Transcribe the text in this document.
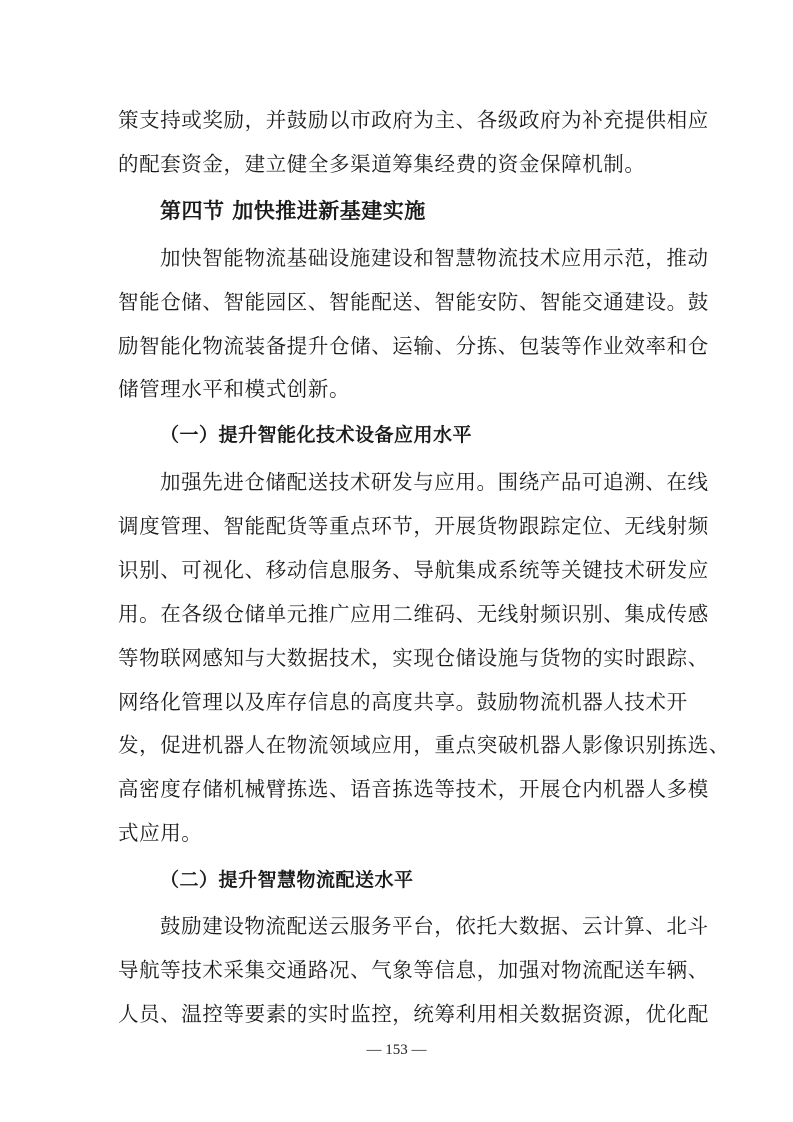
策支持或奖励，并鼓励以市政府为主、各级政府为补充提供相应
的配套资金，建立健全多渠道筹集经费的资金保障机制。
第四节 加快推进新基建实施
加快智能物流基础设施建设和智慧物流技术应用示范，推动
智能仓储、智能园区、智能配送、智能安防、智能交通建设。鼓
励智能化物流装备提升仓储、运输、分拣、包装等作业效率和仓
储管理水平和模式创新。
（一）提升智能化技术设备应用水平
加强先进仓储配送技术研发与应用。围绕产品可追溯、在线
调度管理、智能配货等重点环节，开展货物跟踪定位、无线射频
识别、可视化、移动信息服务、导航集成系统等关键技术研发应
用。在各级仓储单元推广应用二维码、无线射频识别、集成传感
等物联网感知与大数据技术，实现仓储设施与货物的实时跟踪、
网络化管理以及库存信息的高度共享。鼓励物流机器人技术开
发，促进机器人在物流领域应用，重点突破机器人影像识别拣选、
高密度存储机械臂拣选、语音拣选等技术，开展仓内机器人多模
式应用。
（二）提升智慧物流配送水平
鼓励建设物流配送云服务平台，依托大数据、云计算、北斗
导航等技术采集交通路况、气象等信息，加强对物流配送车辆、
人员、温控等要素的实时监控，统筹利用相关数据资源，优化配
— 153 —
